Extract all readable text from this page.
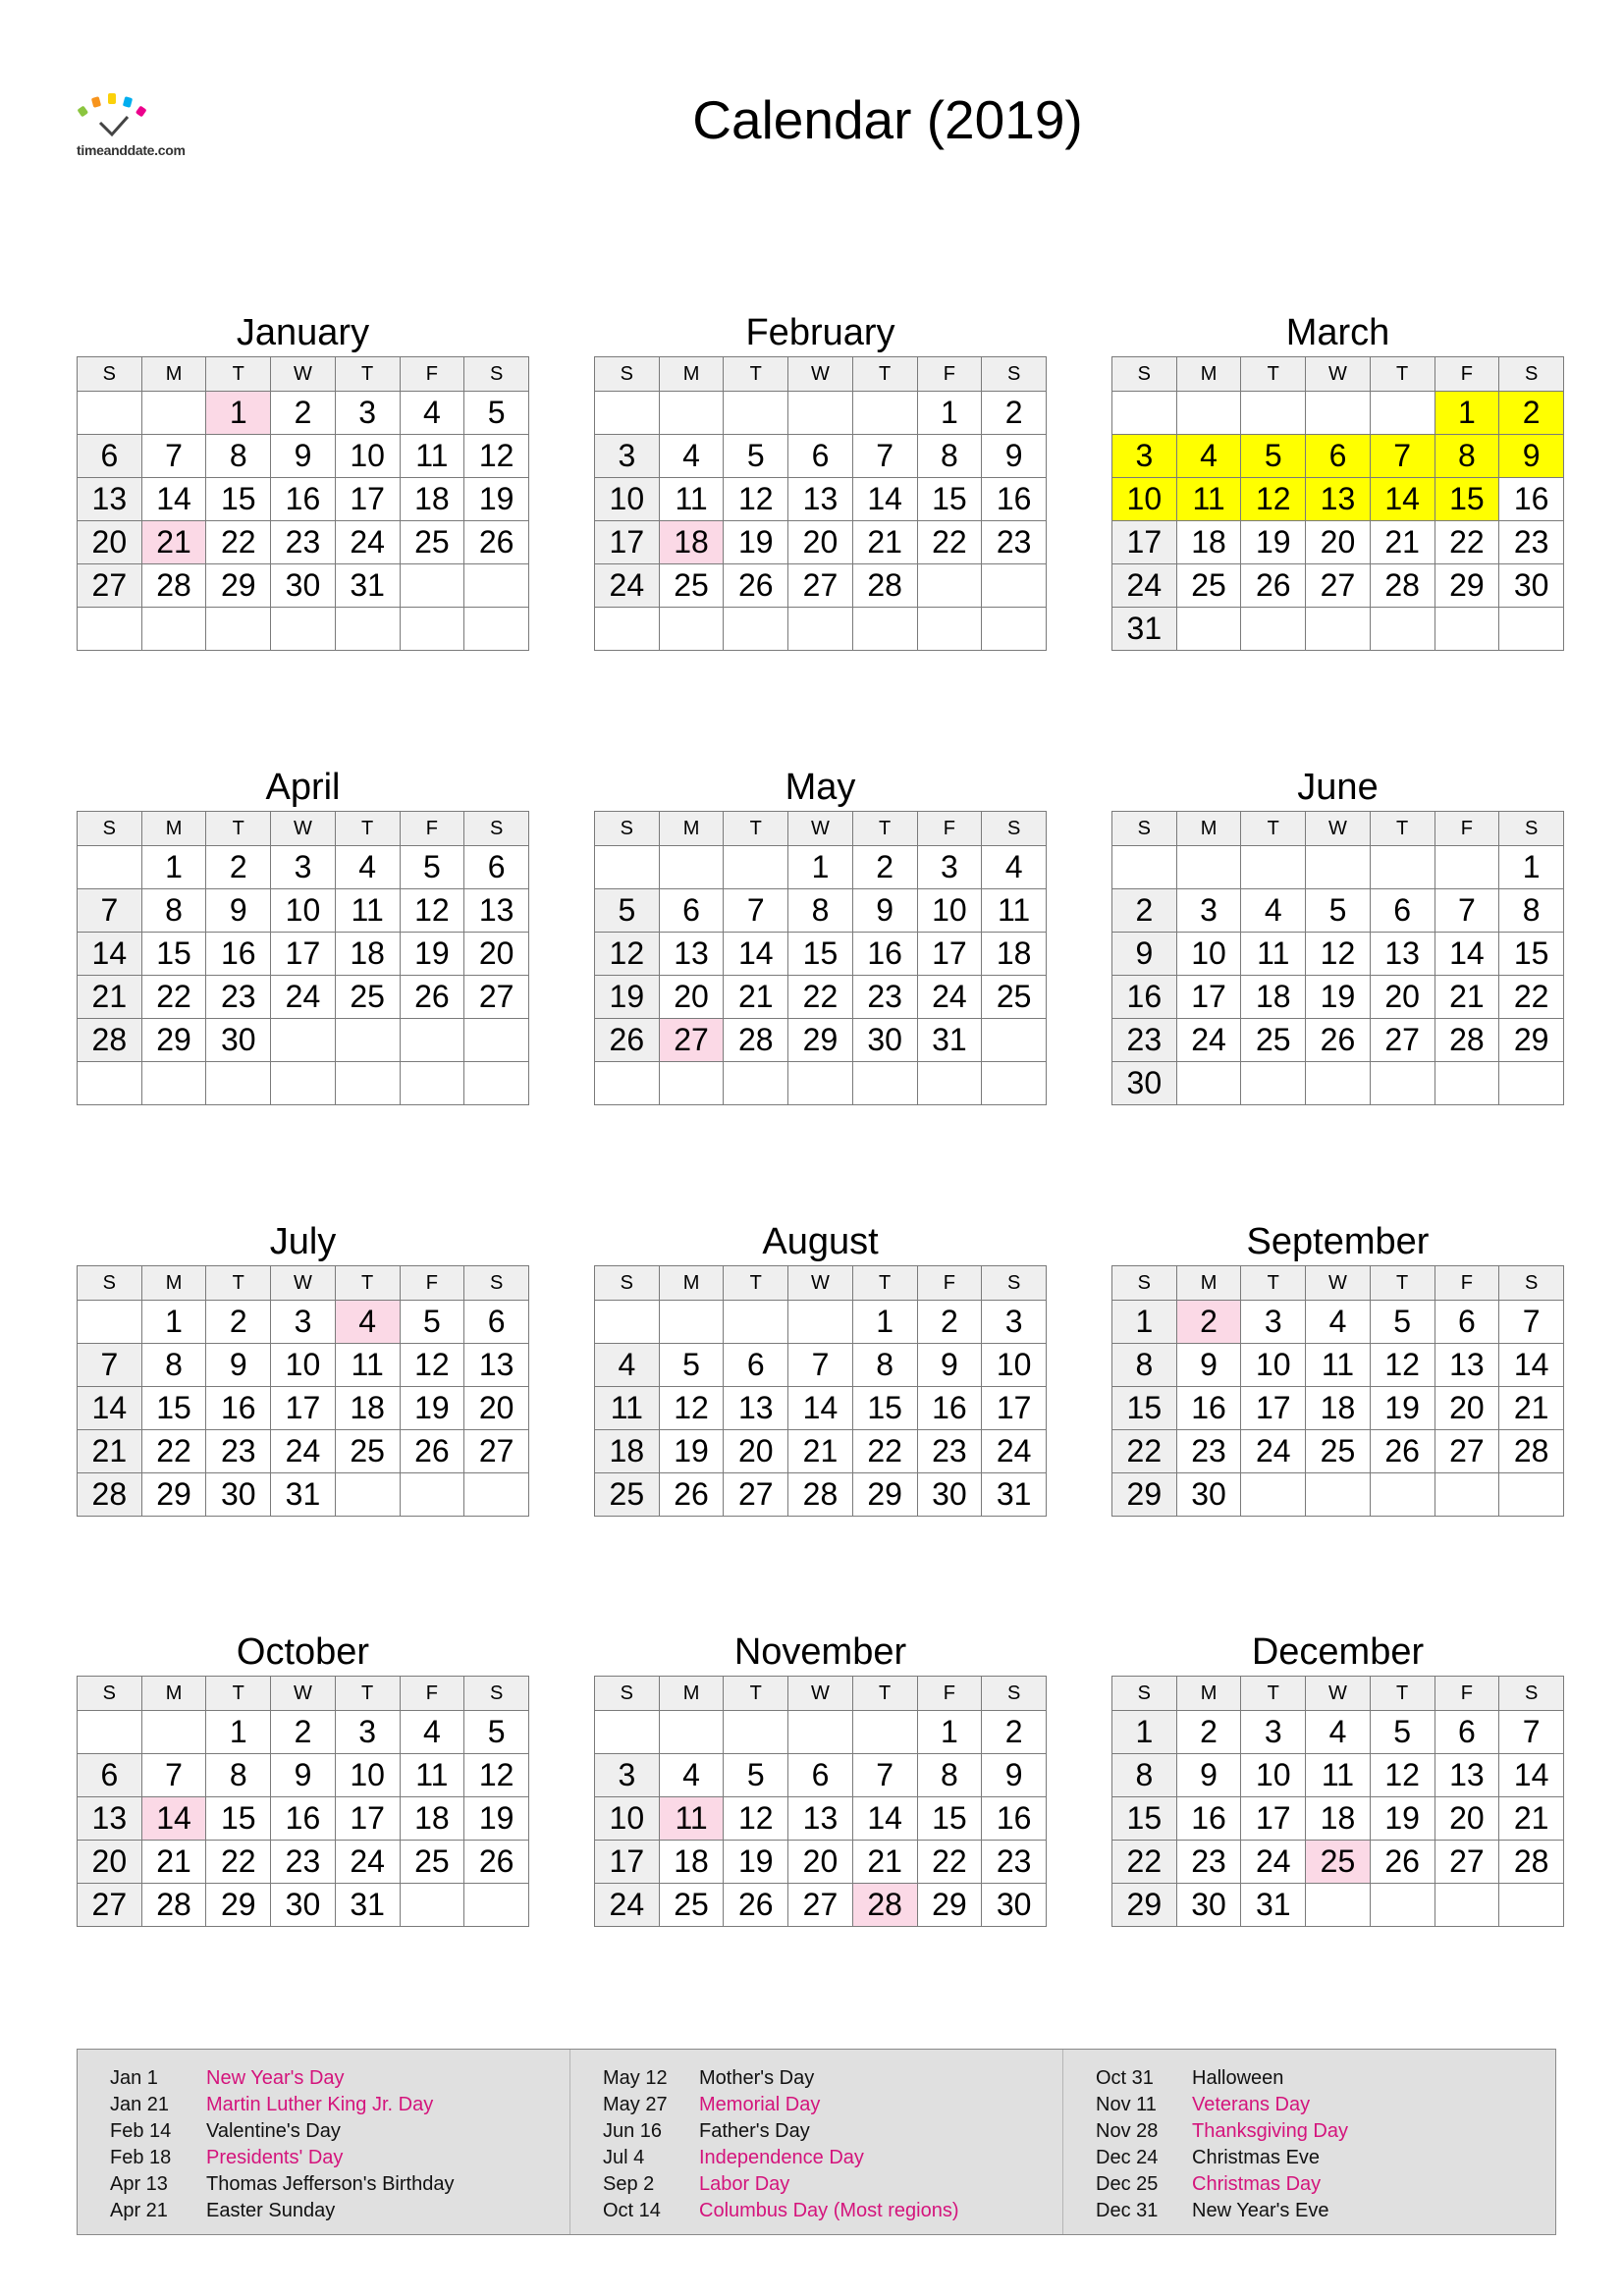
timeanddate.com	Calendar (2019)
January
S	M	T	W	T	F	S
		1	2	3	4	5
6	7	8	9	10	11	12
13	14	15	16	17	18	19
20	21	22	23	24	25	26
27	28	29	30	31		

February
S	M	T	W	T	F	S
					1	2
3	4	5	6	7	8	9
10	11	12	13	14	15	16
17	18	19	20	21	22	23
24	25	26	27	28		

March
S	M	T	W	T	F	S
					1	2
3	4	5	6	7	8	9
10	11	12	13	14	15	16
17	18	19	20	21	22	23
24	25	26	27	28	29	30
31						
April
S	M	T	W	T	F	S
	1	2	3	4	5	6
7	8	9	10	11	12	13
14	15	16	17	18	19	20
21	22	23	24	25	26	27
28	29	30				

May
S	M	T	W	T	F	S
			1	2	3	4
5	6	7	8	9	10	11
12	13	14	15	16	17	18
19	20	21	22	23	24	25
26	27	28	29	30	31	

June
S	M	T	W	T	F	S
						1
2	3	4	5	6	7	8
9	10	11	12	13	14	15
16	17	18	19	20	21	22
23	24	25	26	27	28	29
30						
July
S	M	T	W	T	F	S
	1	2	3	4	5	6
7	8	9	10	11	12	13
14	15	16	17	18	19	20
21	22	23	24	25	26	27
28	29	30	31			
August
S	M	T	W	T	F	S
				1	2	3
4	5	6	7	8	9	10
11	12	13	14	15	16	17
18	19	20	21	22	23	24
25	26	27	28	29	30	31
September
S	M	T	W	T	F	S
1	2	3	4	5	6	7
8	9	10	11	12	13	14
15	16	17	18	19	20	21
22	23	24	25	26	27	28
29	30					
October
S	M	T	W	T	F	S
		1	2	3	4	5
6	7	8	9	10	11	12
13	14	15	16	17	18	19
20	21	22	23	24	25	26
27	28	29	30	31		
November
S	M	T	W	T	F	S
					1	2
3	4	5	6	7	8	9
10	11	12	13	14	15	16
17	18	19	20	21	22	23
24	25	26	27	28	29	30
December
S	M	T	W	T	F	S
1	2	3	4	5	6	7
8	9	10	11	12	13	14
15	16	17	18	19	20	21
22	23	24	25	26	27	28
29	30	31				
Jan 1	New Year's Day
Jan 21	Martin Luther King Jr. Day
Feb 14	Valentine's Day
Feb 18	Presidents' Day
Apr 13	Thomas Jefferson's Birthday
Apr 21	Easter Sunday
May 12	Mother's Day
May 27	Memorial Day
Jun 16	Father's Day
Jul 4	Independence Day
Sep 2	Labor Day
Oct 14	Columbus Day (Most regions)
Oct 31	Halloween
Nov 11	Veterans Day
Nov 28	Thanksgiving Day
Dec 24	Christmas Eve
Dec 25	Christmas Day
Dec 31	New Year's Eve
